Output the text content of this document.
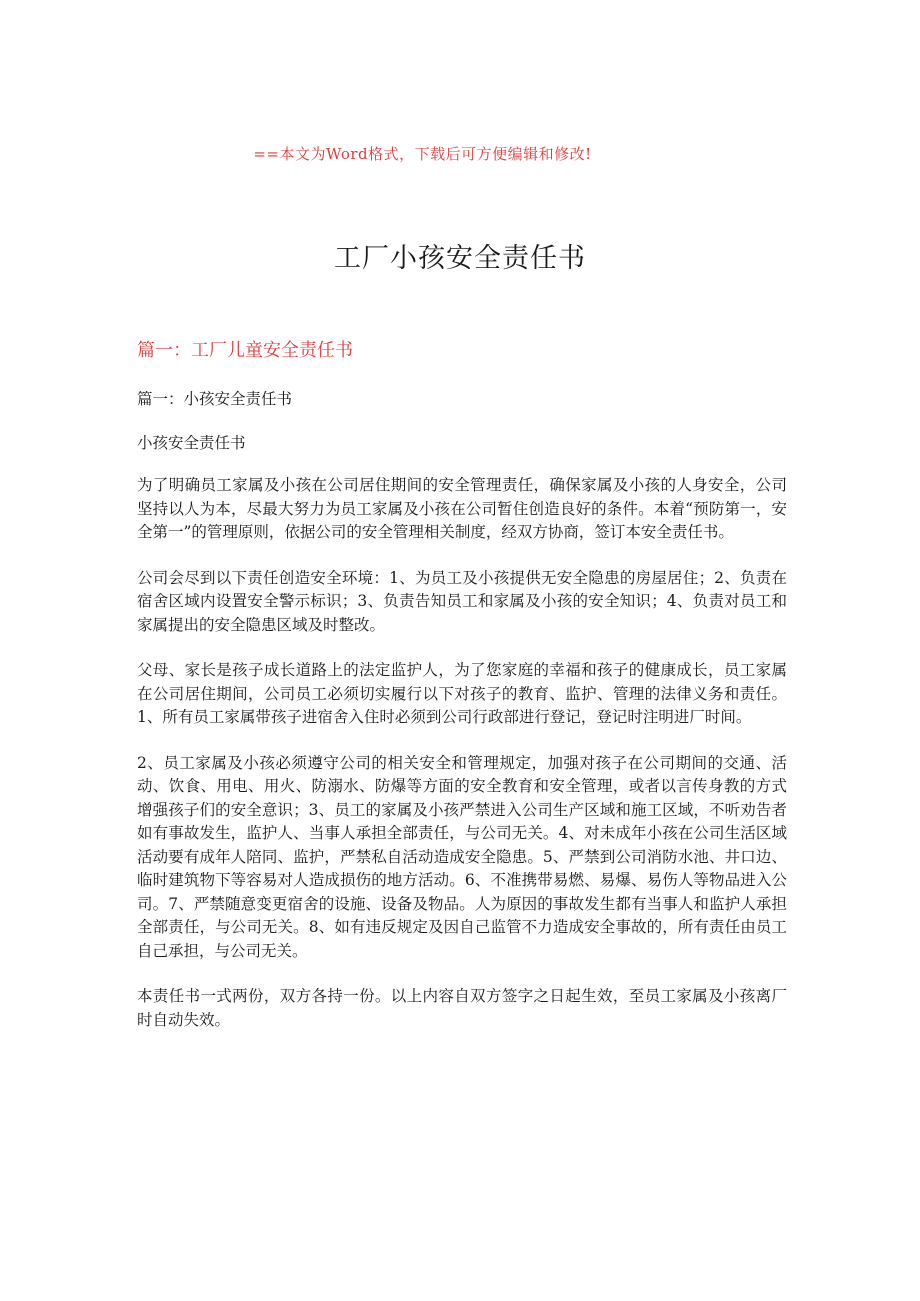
==本文为Word格式，下载后可方便编辑和修改!
工厂小孩安全责任书
篇一：工厂儿童安全责任书
篇一：小孩安全责任书
小孩安全责任书

为了明确员工家属及小孩在公司居住期间的安全管理责任，确保家属及小孩的人身安全，公司坚持以人为本，尽最大努力为员工家属及小孩在公司暂住创造良好的条件。本着“预防第一，安全第一”的管理原则，依据公司的安全管理相关制度，经双方协商，签订本安全责任书。

公司会尽到以下责任创造安全环境：1、为员工及小孩提供无安全隐患的房屋居住；2、负责在宿舍区域内设置安全警示标识；3、负责告知员工和家属及小孩的安全知识；4、负责对员工和家属提出的安全隐患区域及时整改。

父母、家长是孩子成长道路上的法定监护人，为了您家庭的幸福和孩子的健康成长，员工家属在公司居住期间，公司员工必须切实履行以下对孩子的教育、监护、管理的法律义务和责任。1、所有员工家属带孩子进宿舍入住时必须到公司行政部进行登记，登记时注明进厂时间。

2、员工家属及小孩必须遵守公司的相关安全和管理规定，加强对孩子在公司期间的交通、活动、饮食、用电、用火、防溺水、防爆等方面的安全教育和安全管理，或者以言传身教的方式增强孩子们的安全意识；3、员工的家属及小孩严禁进入公司生产区域和施工区域，不听劝告者如有事故发生，监护人、当事人承担全部责任，与公司无关。4、对未成年小孩在公司生活区域活动要有成年人陪同、监护，严禁私自活动造成安全隐患。5、严禁到公司消防水池、井口边、临时建筑物下等容易对人造成损伤的地方活动。6、不准携带易燃、易爆、易伤人等物品进入公司。7、严禁随意变更宿舍的设施、设备及物品。人为原因的事故发生都有当事人和监护人承担全部责任，与公司无关。8、如有违反规定及因自己监管不力造成安全事故的，所有责任由员工自己承担，与公司无关。

本责任书一式两份，双方各持一份。以上内容自双方签字之日起生效，至员工家属及小孩离厂时自动失效。
